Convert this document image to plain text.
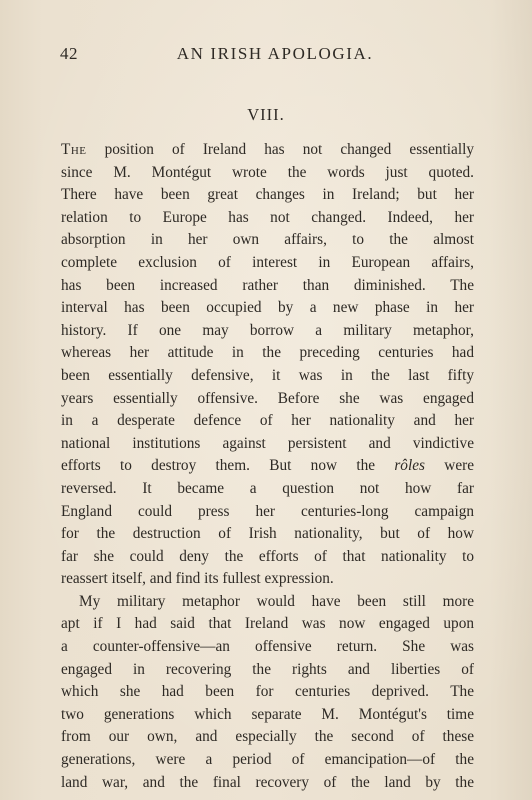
42	AN IRISH APOLOGIA.
VIII.
The position of Ireland has not changed essentially
since M. Montégut wrote the words just quoted.
There have been great changes in Ireland; but her
relation to Europe has not changed. Indeed, her
absorption in her own affairs, to the almost
complete exclusion of interest in European affairs,
has been increased rather than diminished. The
interval has been occupied by a new phase in her
history. If one may borrow a military metaphor,
whereas her attitude in the preceding centuries had
been essentially defensive, it was in the last fifty
years essentially offensive. Before she was engaged
in a desperate defence of her nationality and her
national institutions against persistent and vindictive
efforts to destroy them. But now the rôles were
reversed. It became a question not how far
England could press her centuries-long campaign
for the destruction of Irish nationality, but of how
far she could deny the efforts of that nationality to
reassert itself, and find its fullest expression.
My military metaphor would have been still more
apt if I had said that Ireland was now engaged upon
a counter-offensive—an offensive return. She was
engaged in recovering the rights and liberties of
which she had been for centuries deprived. The
two generations which separate M. Montégut's time
from our own, and especially the second of these
generations, were a period of emancipation—of the
land war, and the final recovery of the land by the
